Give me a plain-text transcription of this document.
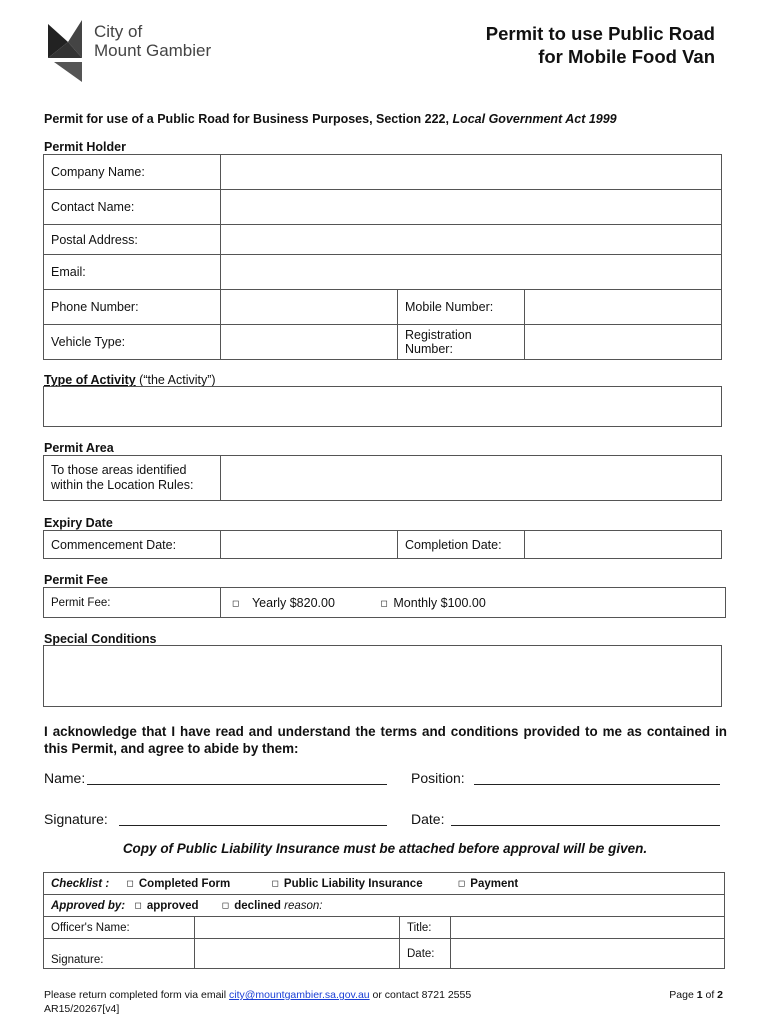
City of
Mount Gambier
Permit to use Public Road
for Mobile Food Van
Permit for use of a Public Road for Business Purposes, Section 222, Local Government Act 1999
Permit Holder
Company Name:			
Contact Name:			
Postal Address:			
Email:			
Phone Number:		Mobile Number:	
Vehicle Type:		Registration Number:	
Type of Activity (“the Activity”)
Permit Area
To those areas identified within the Location Rules:	
Expiry Date
Commencement Date:		Completion Date:	
Permit Fee
Permit Fee:	◻ Yearly $820.00	◻ Monthly $100.00
Special Conditions
I acknowledge that I have read and understand the terms and conditions provided to me as contained in this Permit, and agree to abide by them:
Name:	Position:
Signature:	Date:
Copy of Public Liability Insurance must be attached before approval will be given.
Checklist : ◻ Completed Form ◻ Public Liability Insurance ◻ Payment			
Approved by: ◻ approved ◻ declined reason:			
Officer's Name:		Title:	
Signature:		Date:	
Please return completed form via email city@mountgambier.sa.gov.au or contact 8721 2555
AR15/20267[v4]
Page 1 of 2
